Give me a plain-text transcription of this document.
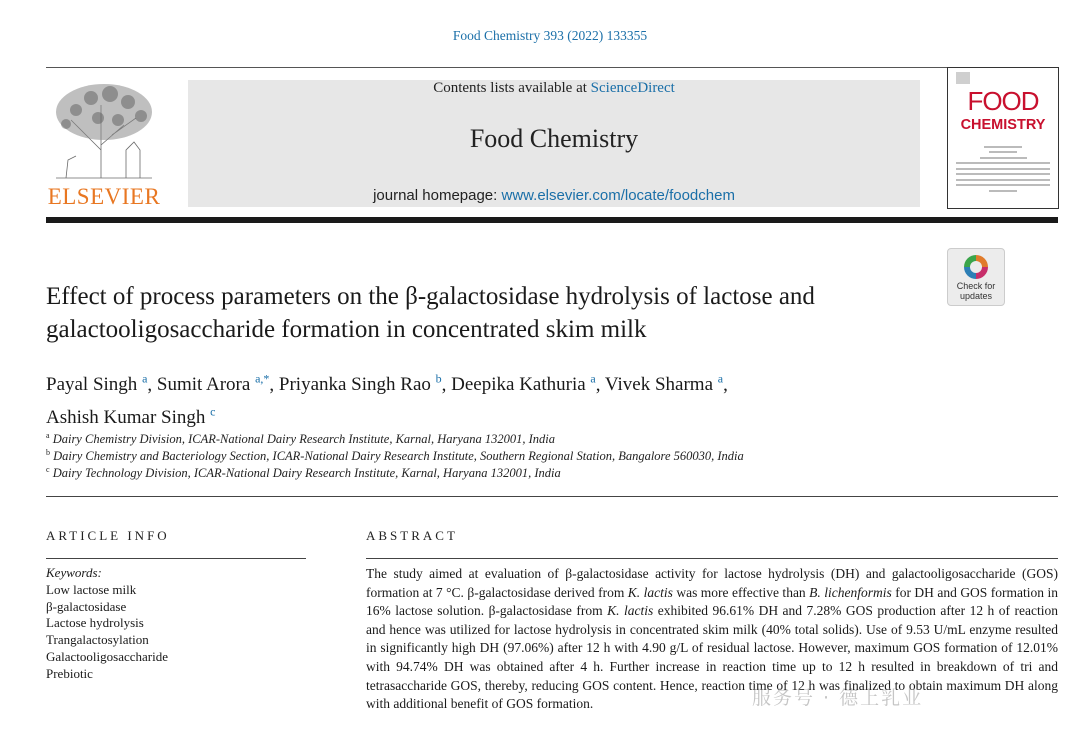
Food Chemistry 393 (2022) 133355
ELSEVIER
Contents lists available at ScienceDirect
Food Chemistry
journal homepage: www.elsevier.com/locate/foodchem
FOOD
CHEMISTRY
Check for updates
Effect of process parameters on the β-galactosidase hydrolysis of lactose and galactooligosaccharide formation in concentrated skim milk
Payal Singh $^a$, Sumit Arora $^{a,*}$, Priyanka Singh Rao $^b$, Deepika Kathuria $^a$, Vivek Sharma $^a$,
Ashish Kumar Singh $^c$
$^a$ Dairy Chemistry Division, ICAR-National Dairy Research Institute, Karnal, Haryana 132001, India
$^b$ Dairy Chemistry and Bacteriology Section, ICAR-National Dairy Research Institute, Southern Regional Station, Bangalore 560030, India
$^c$ Dairy Technology Division, ICAR-National Dairy Research Institute, Karnal, Haryana 132001, India
ARTICLE INFO
Keywords:
Low lactose milk
β-galactosidase
Lactose hydrolysis
Trangalactosylation
Galactooligosaccharide
Prebiotic
ABSTRACT
The study aimed at evaluation of β-galactosidase activity for lactose hydrolysis (DH) and galactooligosaccharide (GOS) formation at 7 °C. β-galactosidase derived from K. lactis was more effective than B. lichenformis for DH and GOS formation in 16% lactose solution. β-galactosidase from K. lactis exhibited 96.61% DH and 7.28% GOS production after 12 h of reaction and hence was utilized for lactose hydrolysis in concentrated skim milk (40% total solids). Use of 9.53 U/mL enzyme resulted in significantly high DH (97.06%) after 12 h with 4.90 g/L of residual lactose. However, maximum GOS formation of 12.01% with 94.74% DH was obtained after 4 h. Further increase in reaction time up to 12 h resulted in breakdown of tri and tetrasaccharide GOS, thereby, reducing GOS content. Hence, reaction time of 12 h was finalized to obtain maximum DH along with additional benefit of GOS formation.	服务号 · 德上乳业
